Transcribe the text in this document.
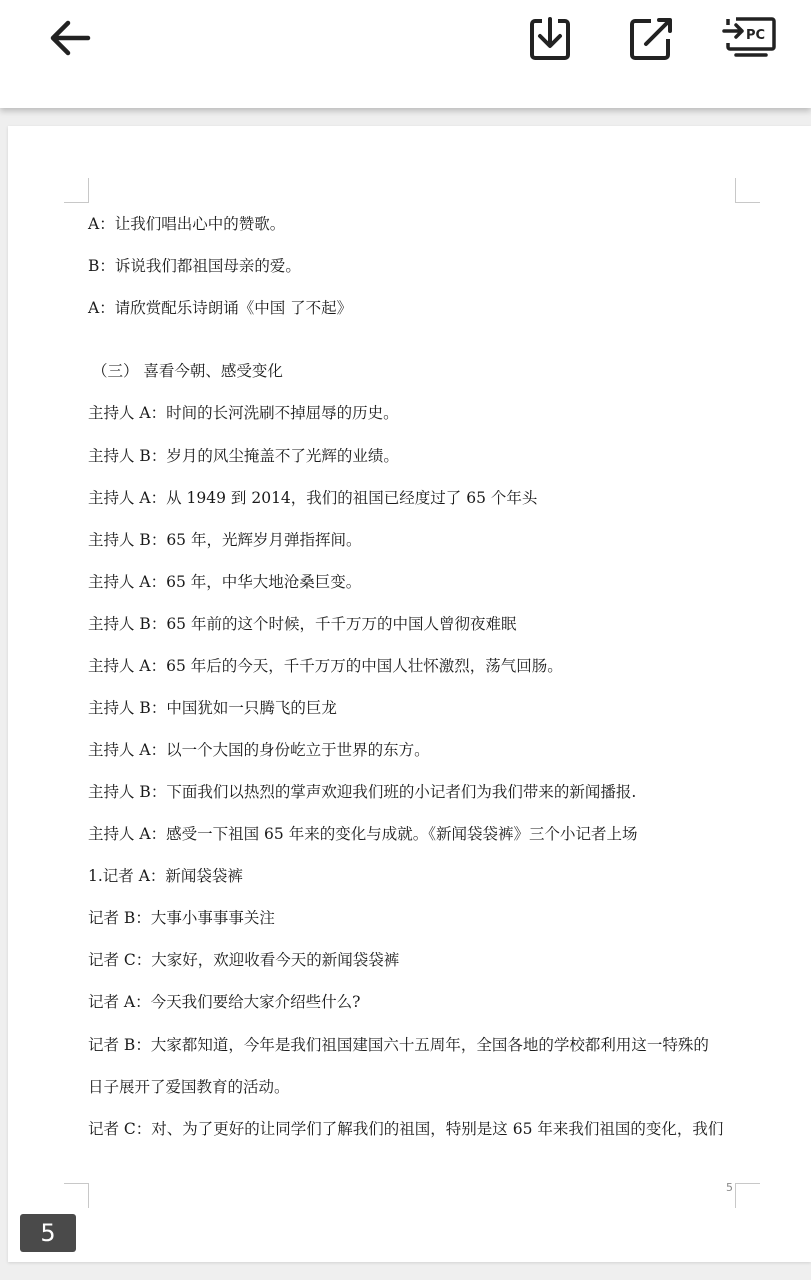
PC
A：让我们唱出心中的赞歌。
B：诉说我们都祖国母亲的爱。
A：请欣赏配乐诗朗诵《中国 了不起》
（三） 喜看今朝、感受变化
主持人 A：时间的长河洗刷不掉屈辱的历史。
主持人 B：岁月的风尘掩盖不了光辉的业绩。
主持人 A：从 1949 到 2014，我们的祖国已经度过了 65 个年头
主持人 B：65 年，光辉岁月弹指挥间。
主持人 A：65 年，中华大地沧桑巨变。
主持人 B：65 年前的这个时候，千千万万的中国人曾彻夜难眠
主持人 A：65 年后的今天，千千万万的中国人壮怀激烈，荡气回肠。
主持人 B：中国犹如一只腾飞的巨龙
主持人 A：以一个大国的身份屹立于世界的东方。
主持人 B：下面我们以热烈的掌声欢迎我们班的小记者们为我们带来的新闻播报.
主持人 A：感受一下祖国 65 年来的变化与成就。《新闻袋袋裤》三个小记者上场
1.记者 A：新闻袋袋裤
记者 B：大事小事事事关注
记者 C：大家好，欢迎收看今天的新闻袋袋裤
记者 A：今天我们要给大家介绍些什么?
记者 B：大家都知道，今年是我们祖国建国六十五周年，全国各地的学校都利用这一特殊的
日子展开了爱国教育的活动。
记者 C：对、为了更好的让同学们了解我们的祖国，特别是这 65 年来我们祖国的变化，我们
5
5
